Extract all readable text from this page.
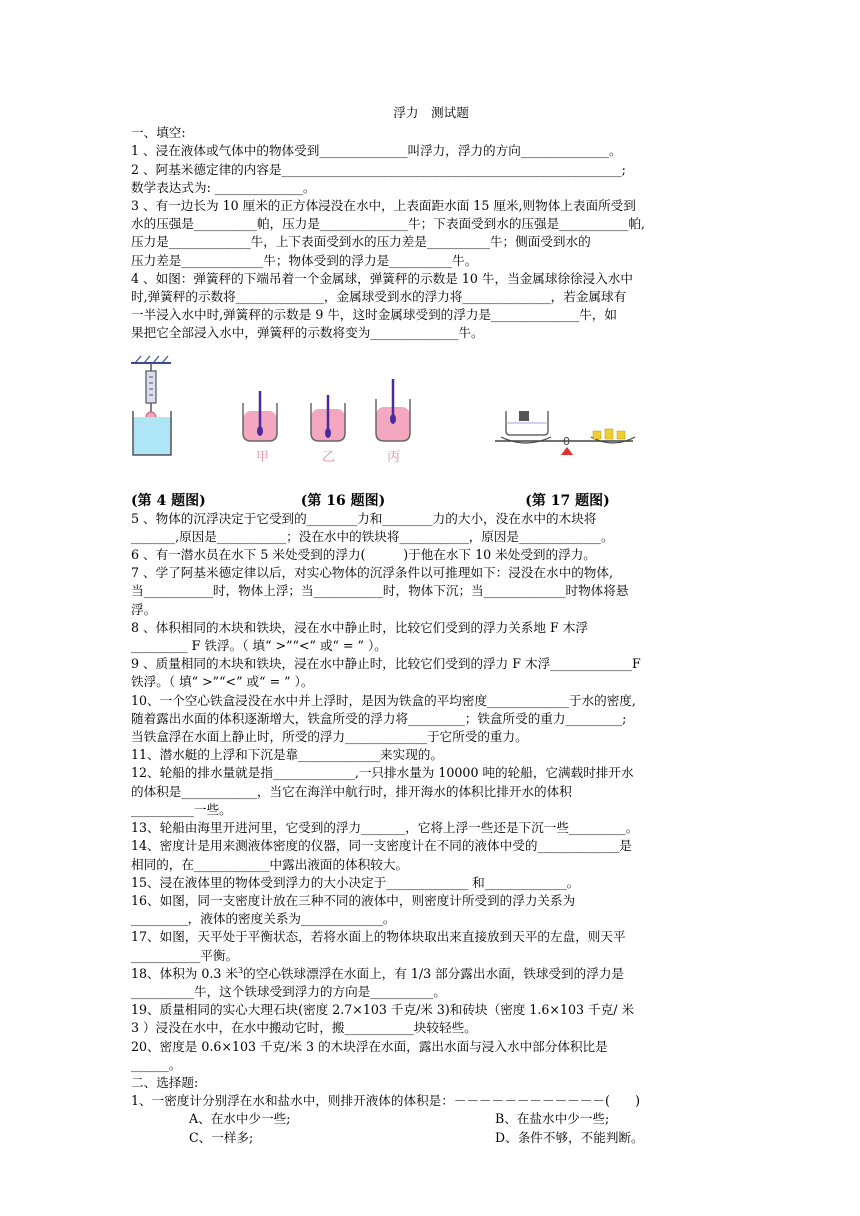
浮力　测试题
一、填空:
1 、浸在液体或气体中的物体受到______________叫浮力，浮力的方向______________。
2 、阿基米德定律的内容是______________________________________________________;
数学表达式为: ______________。
3 、有一边长为 10 厘米的正方体浸没在水中，上表面距水面 15 厘米,则物体上表面所受到
水的压强是__________帕，压力是______________牛；下表面受到水的压强是___________帕,
压力是_____________牛，上下表面受到水的压力差是__________牛；侧面受到水的
压力差是_____________牛；物体受到的浮力是__________牛。
4 、如图：弹簧秤的下端吊着一个金属球，弹簧秤的示数是 10 牛，当金属球徐徐浸入水中
时,弹簧秤的示数将______________，金属球受到水的浮力将______________，若金属球有
一半浸入水中时,弹簧秤的示数是 9 牛，这时金属球受到的浮力是______________牛，如
果把它全部浸入水中，弹簧秤的示数将变为______________牛。
甲	乙	丙
0
(第 4 题图)	(第 16 题图)	(第 17 题图)
5 、物体的沉浮决定于它受到的________力和________力的大小，没在水中的木块将
_______,原因是___________；没在水中的铁块将___________，原因是_____________。
6 、有一潜水员在水下 5 米处受到的浮力(　　　)于他在水下 10 米处受到的浮力。
7 、学了阿基米德定律以后，对实心物体的沉浮条件以可推理如下：浸没在水中的物体,
当___________时，物体上浮；当___________时，物体下沉；当_____________时物体将悬
浮。
8 、体积相同的木块和铁块，浸在水中静止时，比较它们受到的浮力关系地 F 木浮
_________ F 铁浮。（ 填“ >”“<” 或“ = ” ）。
9 、质量相同的木块和铁块，浸在水中静止时，比较它们受到的浮力 F 木浮_____________F
铁浮。（ 填“ >”“<” 或“ = ” ）。
10、一个空心铁盒浸没在水中并上浮时，是因为铁盒的平均密度_____________于水的密度,
随着露出水面的体积逐渐增大，铁盒所受的浮力将_________；铁盒所受的重力_________;
当铁盒浮在水面上静止时，所受的浮力_____________于它所受的重力。
11、潜水艇的上浮和下沉是靠_____________来实现的。
12、轮船的排水量就是指_____________,一只排水量为 10000 吨的轮船，它满载时排开水
的体积是____________，当它在海洋中航行时，排开海水的体积比排开水的体积
__________一些。
13、轮船由海里开进河里，它受到的浮力_______，它将上浮一些还是下沉一些_________。
14、密度计是用来测液体密度的仪器，同一支密度计在不同的液体中受的_____________是
相同的，在____________中露出液面的体积较大。
15、浸在液体里的物体受到浮力的大小决定于_____________ 和_____________。
16、如图，同一支密度计放在三种不同的液体中，则密度计所受到的浮力关系为
_________，液体的密度关系为_____________。
17、如图，天平处于平衡状态，若将水面上的物体块取出来直接放到天平的左盘，则天平
___________平衡。
18、体积为 0.3 米$^3$的空心铁球漂浮在水面上，有 1/3 部分露出水面，铁球受到的浮力是
__________牛，这个铁球受到浮力的方向是__________。
19、质量相同的实心大理石块(密度 2.7×103 千克/米 3)和砖块（密度 1.6×103 千克/ 米
3 ）浸没在水中，在水中搬动它时，搬___________块较轻些。
20、密度是 0.6×103 千克/米 3 的木块浮在水面，露出水面与浸入水中部分体积比是
______。
二、选择题:
1、一密度计分别浮在水和盐水中，则排开液体的体积是：－－－－－－－－－－－－(　　)
A、在水中少一些;	B、在盐水中少一些;
C、一样多;	D、条件不够，不能判断。
